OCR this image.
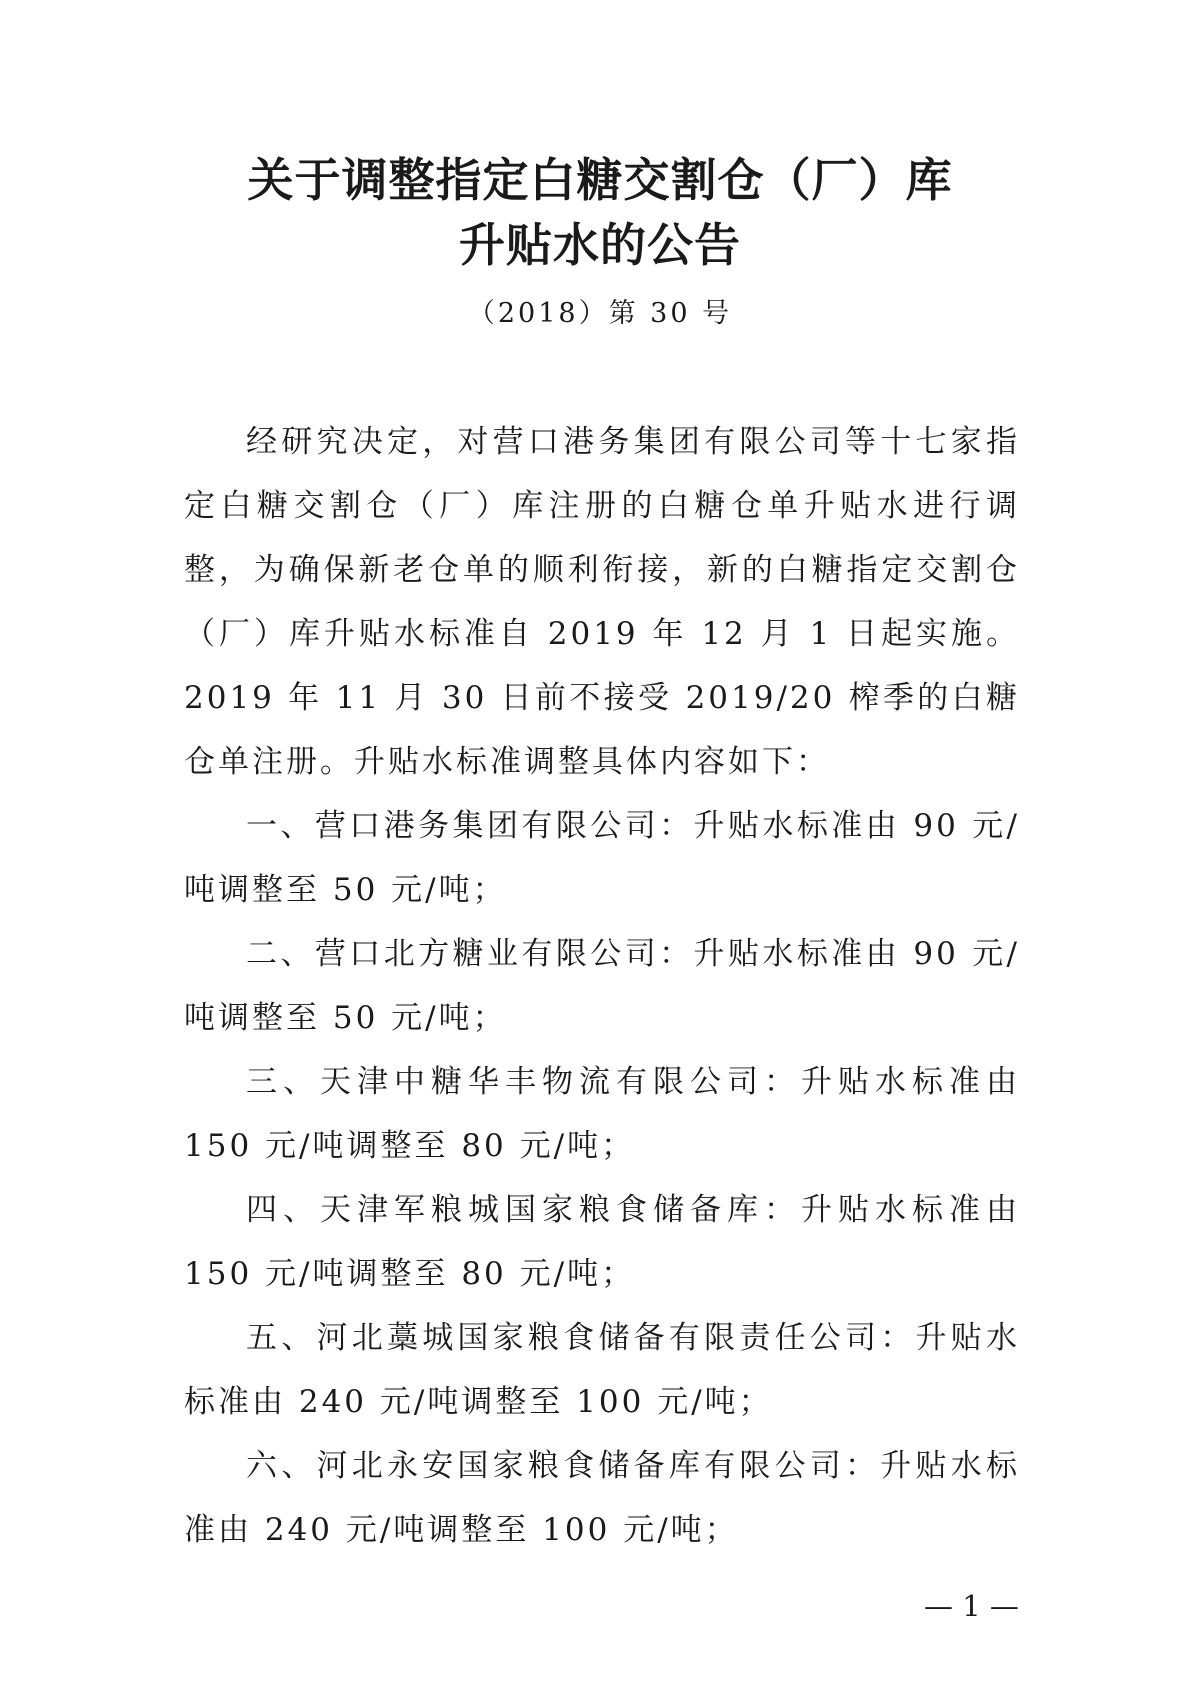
关于调整指定白糖交割仓（厂）库
升贴水的公告
（2018）第 30 号

经研究决定，对营口港务集团有限公司等十七家指定白糖交割仓（厂）库注册的白糖仓单升贴水进行调整，为确保新老仓单的顺利衔接，新的白糖指定交割仓（厂）库升贴水标准自 2019 年 12 月 1 日起实施。2019 年 11 月 30 日前不接受 2019/20 榨季的白糖仓单注册。升贴水标准调整具体内容如下：

一、营口港务集团有限公司：升贴水标准由 90 元/吨调整至 50 元/吨；

二、营口北方糖业有限公司：升贴水标准由 90 元/吨调整至 50 元/吨；

三、天津中糖华丰物流有限公司：升贴水标准由 150 元/吨调整至 80 元/吨；

四、天津军粮城国家粮食储备库：升贴水标准由 150 元/吨调整至 80 元/吨；

五、河北藁城国家粮食储备有限责任公司：升贴水标准由 240 元/吨调整至 100 元/吨；

六、河北永安国家粮食储备库有限公司：升贴水标准由 240 元/吨调整至 100 元/吨；

— 1 —
